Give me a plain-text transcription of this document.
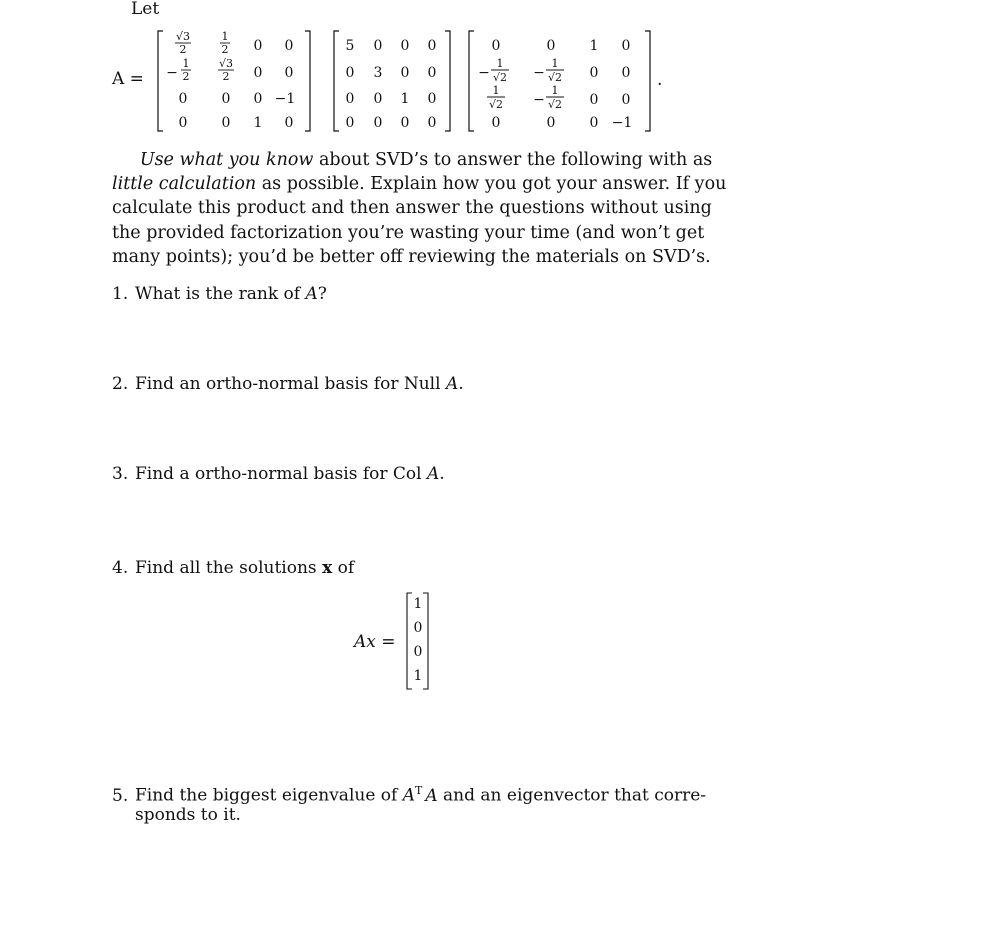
Let
A =
√3
2
1
2 0 0
−
1
2
√3
2 0 0
0 0 0 −1
0 0 1 0
5 0 0 0
0 3 0 0
0 0 1 0
0 0 0 0
0	0 1 0
−
1
√2 −
1
√2 0 0
1
√2 −
1
√2 0 0
0	0 0 −1
.
Use what you know about SVD’s to answer the following with as
little calculation as possible. Explain how you got your answer. If you
calculate this product and then answer the questions without using
the provided factorization you’re wasting your time (and won’t get
many points); you’d be better off reviewing the materials on SVD’s.
1. What is the rank of A?
2. Find an ortho-normal basis for Null A.
3. Find a ortho-normal basis for Col A.
4. Find all the solutions x of
Ax =
1
0
0
1
5. Find the biggest eigenvalue of $A^T$ A and an eigenvector that corre-
sponds to it.
